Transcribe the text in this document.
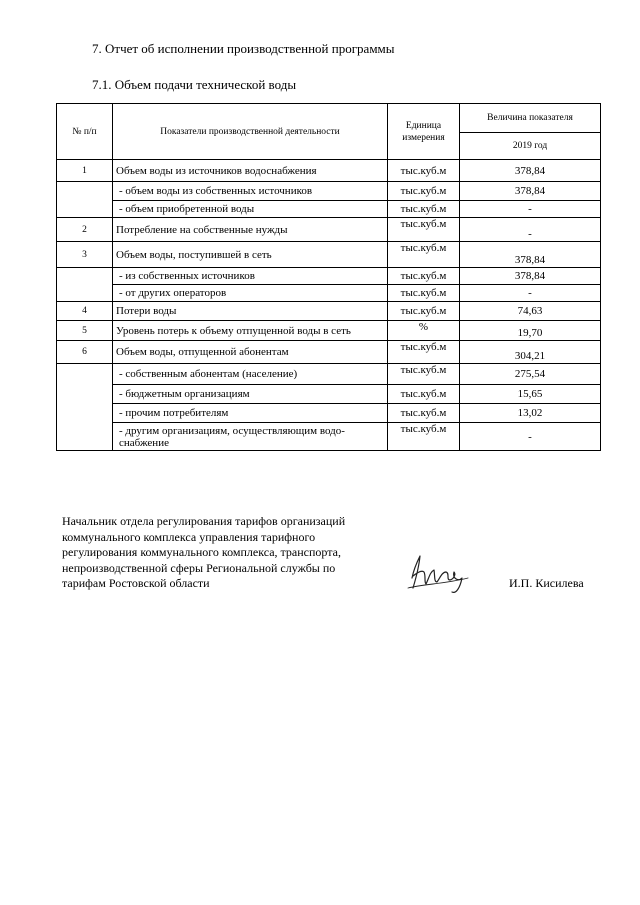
7. Отчет об исполнении производственной программы
7.1. Объем подачи технической воды
№ п/п	Показатели производственной деятельности	Единица измерения	Величина показателя
			2019 год
1	Объем воды из источников водоснабжения	тыс.куб.м	378,84
	- объем воды из собственных источников	тыс.куб.м	378,84
	- объем приобретенной воды	тыс.куб.м	-
2	Потребление на собственные нужды	тыс.куб.м	-
3	Объем воды, поступившей в сеть	тыс.куб.м	378,84
	- из собственных источников	тыс.куб.м	378,84
	- от других операторов	тыс.куб.м	-
4	Потери воды	тыс.куб.м	74,63
5	Уровень потерь к объему отпущенной воды в сеть	%	19,70
6	Объем воды, отпущенной абонентам	тыс.куб.м	304,21
	- собственным абонентам (население)	тыс.куб.м	275,54
	- бюджетным организациям	тыс.куб.м	15,65
	- прочим потребителям	тыс.куб.м	13,02
	- другим организациям, осуществляющим водо-снабжение	тыс.куб.м	-
Начальник отдела регулирования тарифов организаций коммунального комплекса управления тарифного регулирования коммунального комплекса, транспорта, непроизводственной сферы Региональной службы по тарифам Ростовской области	И.П. Кисилева
